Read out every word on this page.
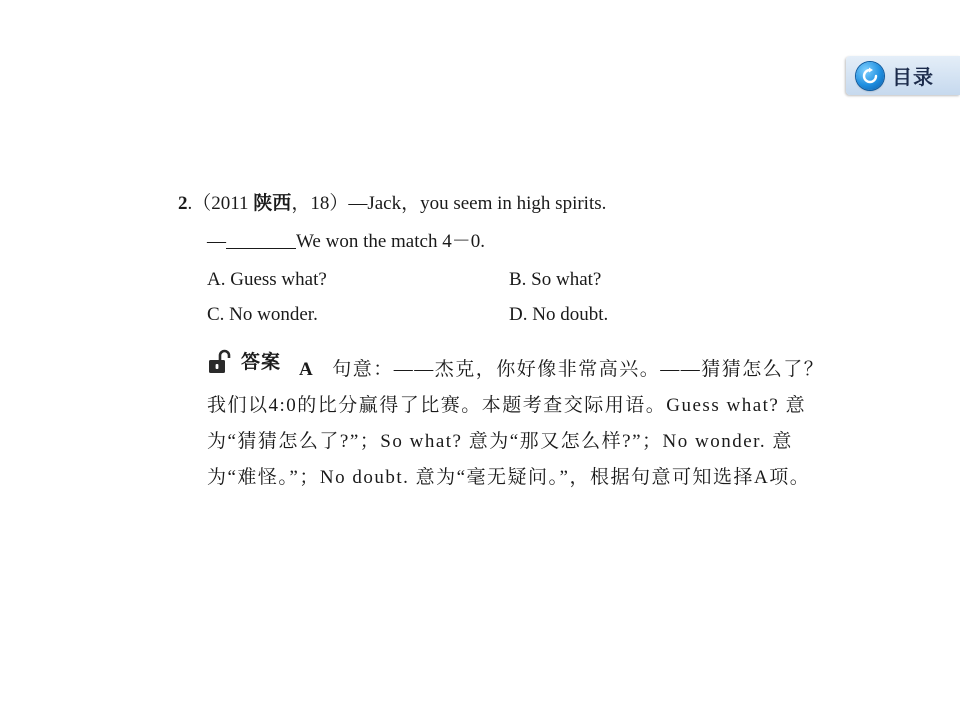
目录
2.（2011 陕西，18）—Jack，you seem in high spirits.
—	We won the match 4－0.
A. Guess what?	B. So what?
C. No wonder.	D. No doubt.
答案 A 句意：——杰克，你好像非常高兴。——猜猜怎么了？我们以4:0的比分赢得了比赛。本题考查交际用语。Guess what? 意为“猜猜怎么了?”；So what? 意为“那又怎么样?”；No wonder. 意为“难怪。”；No doubt. 意为“毫无疑问。”，根据句意可知选择A项。
